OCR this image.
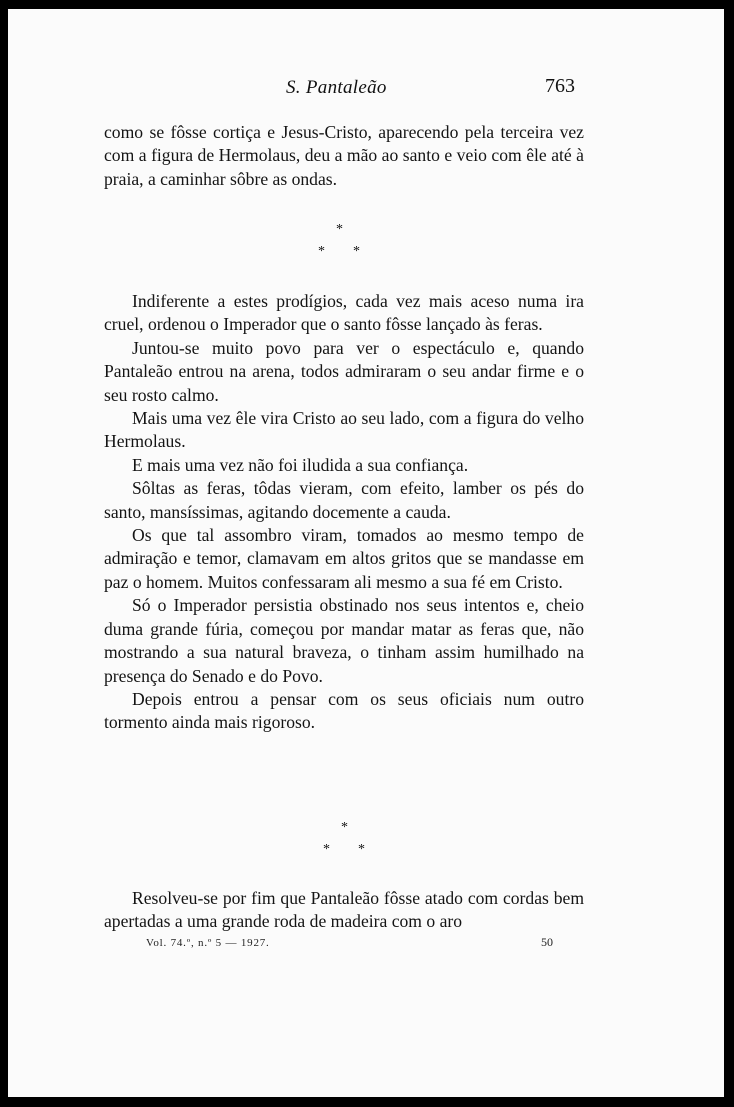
S. Pantaleão	763

como se fôsse cortiça e Jesus-Cristo, aparecendo pela terceira vez com a figura de Hermolaus, deu a mão ao santo e veio com êle até à praia, a caminhar sôbre as ondas.

*
* *

Indiferente a estes prodígios, cada vez mais aceso numa ira cruel, ordenou o Imperador que o santo fôsse lançado às feras.

Juntou-se muito povo para ver o espectáculo e, quando Pantaleão entrou na arena, todos admiraram o seu andar firme e o seu rosto calmo.

Mais uma vez êle vira Cristo ao seu lado, com a figura do velho Hermolaus.

E mais uma vez não foi iludida a sua confiança.

Sôltas as feras, tôdas vieram, com efeito, lamber os pés do santo, mansíssimas, agitando docemente a cauda.

Os que tal assombro viram, tomados ao mesmo tempo de admiração e temor, clamavam em altos gritos que se mandasse em paz o homem. Muitos confessaram ali mesmo a sua fé em Cristo.

Só o Imperador persistia obstinado nos seus intentos e, cheio duma grande fúria, começou por mandar matar as feras que, não mostrando a sua natural braveza, o tinham assim humilhado na presença do Senado e do Povo.

Depois entrou a pensar com os seus oficiais num outro tormento ainda mais rigoroso.

*
* *

Resolveu-se por fim que Pantaleão fôsse atado com cordas bem apertadas a uma grande roda de madeira com o aro

Vol. 74.º, n.º 5 — 1927.	50
